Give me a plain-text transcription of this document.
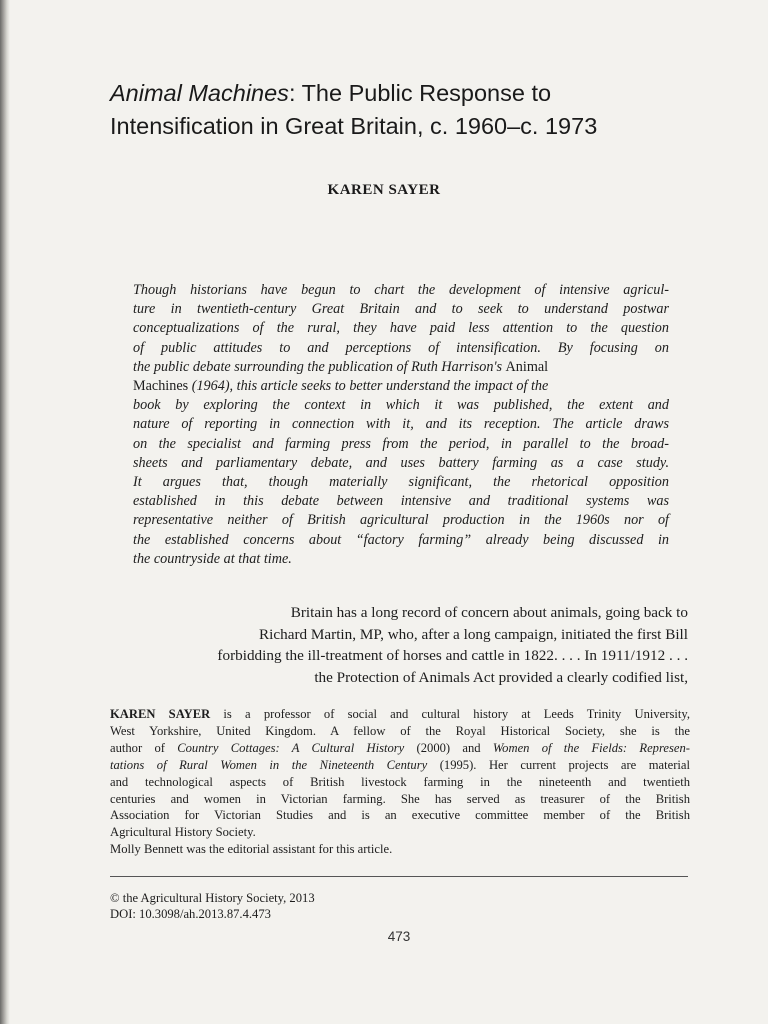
Animal Machines: The Public Response to
Intensification in Great Britain, c. 1960–c. 1973
KAREN SAYER

Though historians have begun to chart the development of intensive agricul-
ture in twentieth-century Great Britain and to seek to understand postwar
conceptualizations of the rural, they have paid less attention to the question
of public attitudes to and perceptions of intensification. By focusing on
the public debate surrounding the publication of Ruth Harrison's Animal
Machines (1964), this article seeks to better understand the impact of the
book by exploring the context in which it was published, the extent and
nature of reporting in connection with it, and its reception. The article draws
on the specialist and farming press from the period, in parallel to the broad-
sheets and parliamentary debate, and uses battery farming as a case study.
It argues that, though materially significant, the rhetorical opposition
established in this debate between intensive and traditional systems was
representative neither of British agricultural production in the 1960s nor of
the established concerns about “factory farming” already being discussed in
the countryside at that time.

Britain has a long record of concern about animals, going back to
Richard Martin, MP, who, after a long campaign, initiated the first Bill
forbidding the ill-treatment of horses and cattle in 1822. . . . In 1911/1912 . . .
the Protection of Animals Act provided a clearly codified list,

KAREN SAYER is a professor of social and cultural history at Leeds Trinity University,
West Yorkshire, United Kingdom. A fellow of the Royal Historical Society, she is the
author of Country Cottages: A Cultural History (2000) and Women of the Fields: Represen-
tations of Rural Women in the Nineteenth Century (1995). Her current projects are material
and technological aspects of British livestock farming in the nineteenth and twentieth
centuries and women in Victorian farming. She has served as treasurer of the British
Association for Victorian Studies and is an executive committee member of the British
Agricultural History Society.
Molly Bennett was the editorial assistant for this article.

© the Agricultural History Society, 2013
DOI: 10.3098/ah.2013.87.4.473
473
